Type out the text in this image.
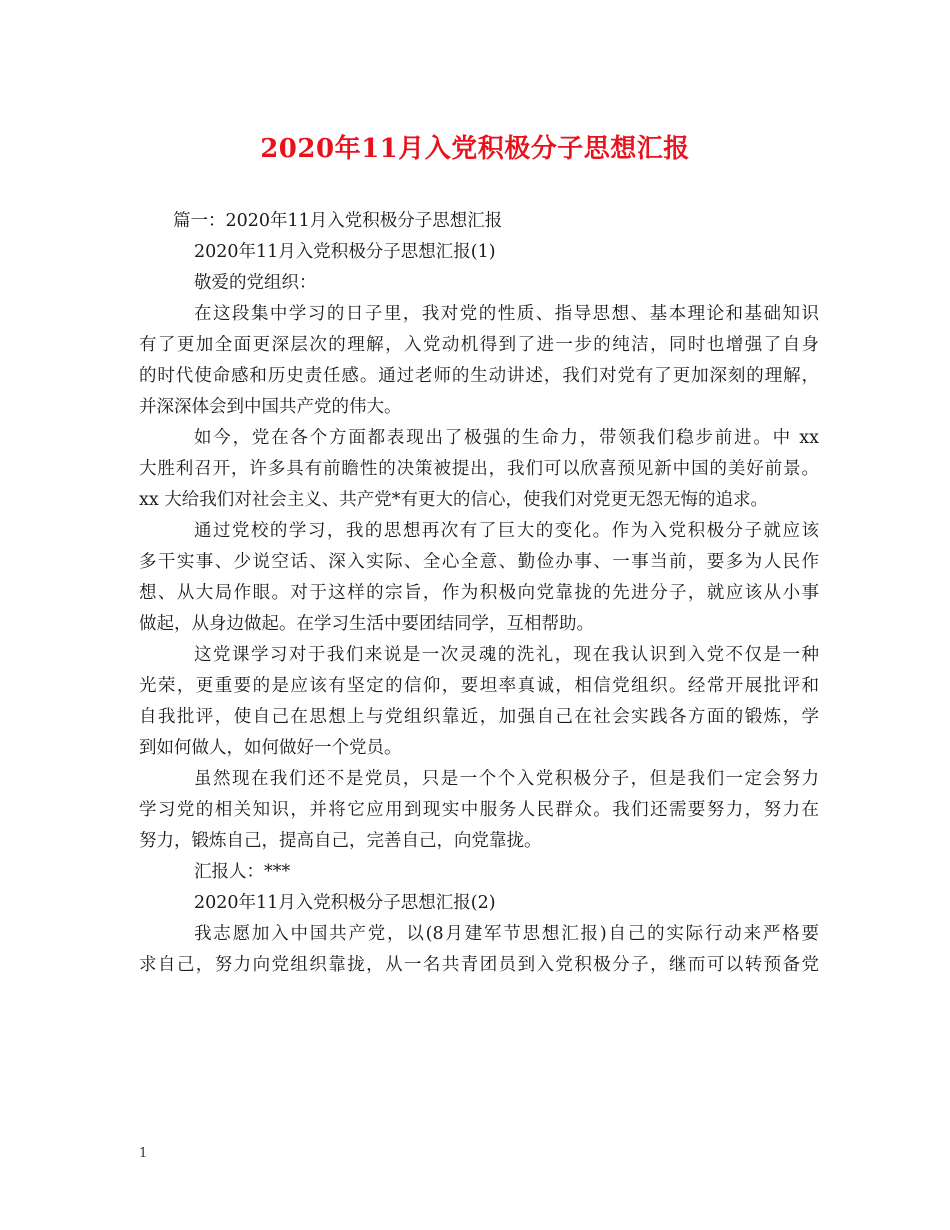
2020年11月入党积极分子思想汇报
篇一：2020年11月入党积极分子思想汇报
2020年11月入党积极分子思想汇报(1)
敬爱的党组织：
在这段集中学习的日子里，我对党的性质、指导思想、基本理论和基础知识
有了更加全面更深层次的理解，入党动机得到了进一步的纯洁，同时也增强了自身
的时代使命感和历史责任感。通过老师的生动讲述，我们对党有了更加深刻的理解，
并深深体会到中国共产党的伟大。
如今，党在各个方面都表现出了极强的生命力，带领我们稳步前进。中 xx
大胜利召开，许多具有前瞻性的决策被提出，我们可以欣喜预见新中国的美好前景。
xx 大给我们对社会主义、共产党*有更大的信心，使我们对党更无怨无悔的追求。
通过党校的学习，我的思想再次有了巨大的变化。作为入党积极分子就应该
多干实事、少说空话、深入实际、全心全意、勤俭办事、一事当前，要多为人民作
想、从大局作眼。对于这样的宗旨，作为积极向党靠拢的先进分子，就应该从小事
做起，从身边做起。在学习生活中要团结同学，互相帮助。
这党课学习对于我们来说是一次灵魂的洗礼，现在我认识到入党不仅是一种
光荣，更重要的是应该有坚定的信仰，要坦率真诚，相信党组织。经常开展批评和
自我批评，使自己在思想上与党组织靠近，加强自己在社会实践各方面的锻炼，学
到如何做人，如何做好一个党员。
虽然现在我们还不是党员，只是一个个入党积极分子，但是我们一定会努力
学习党的相关知识，并将它应用到现实中服务人民群众。我们还需要努力，努力在
努力，锻炼自己，提高自己，完善自己，向党靠拢。
汇报人：***
2020年11月入党积极分子思想汇报(2)
我志愿加入中国共产党，以(8月建军节思想汇报)自己的实际行动来严格要
求自己，努力向党组织靠拢，从一名共青团员到入党积极分子，继而可以转预备党
1
